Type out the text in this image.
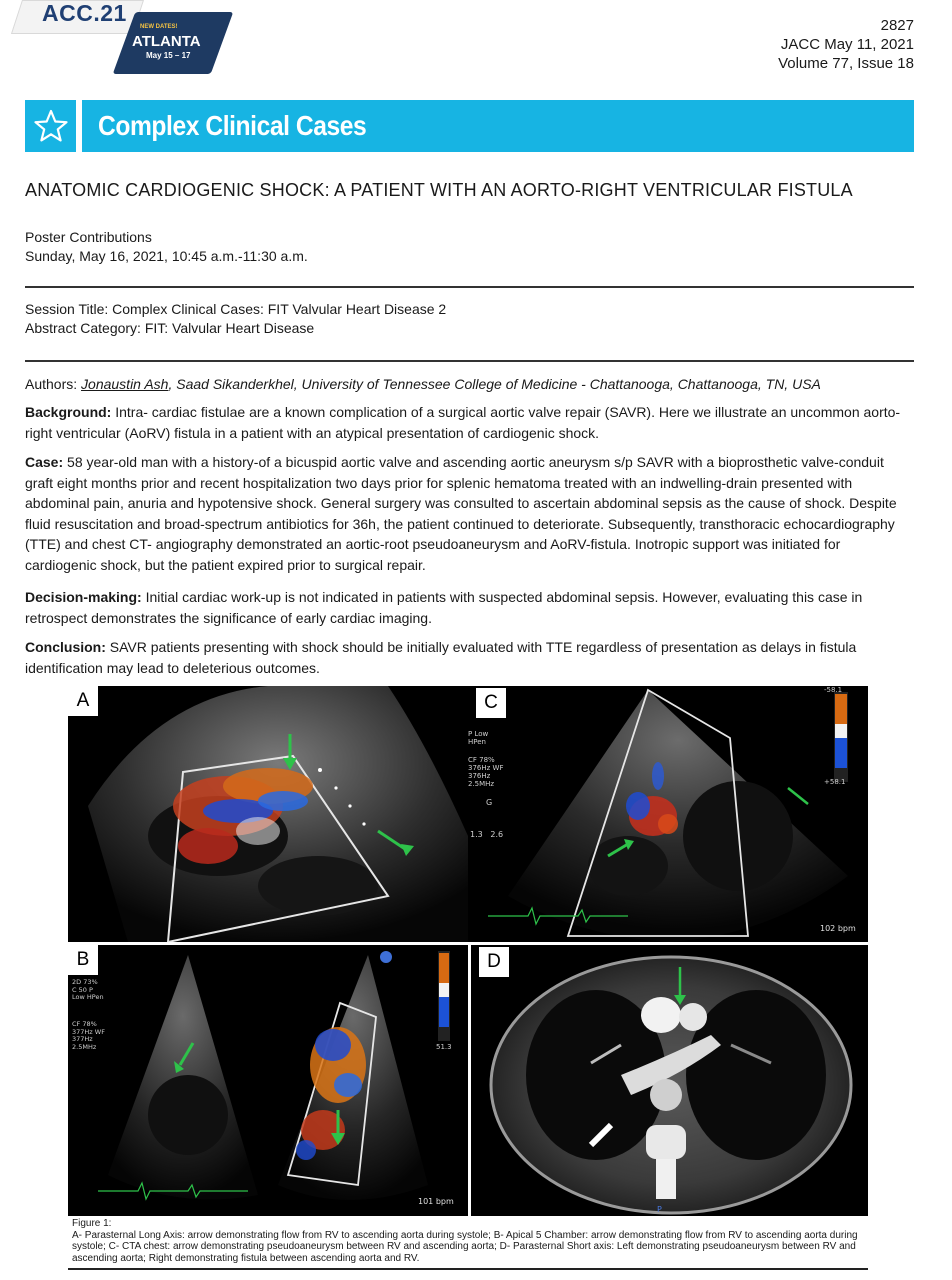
ACC.21
NEW DATES!
ATLANTA
May 15 – 17
2827
JACC May 11, 2021
Volume 77, Issue 18
Complex Clinical Cases
ANATOMIC CARDIOGENIC SHOCK: A PATIENT WITH AN AORTO-RIGHT VENTRICULAR FISTULA
Poster Contributions
Sunday, May 16, 2021, 10:45 a.m.-11:30 a.m.
Session Title: Complex Clinical Cases: FIT Valvular Heart Disease 2
Abstract Category: FIT: Valvular Heart Disease
Authors: Jonaustin Ash, Saad Sikanderkhel, University of Tennessee College of Medicine - Chattanooga, Chattanooga, TN, USA
Background: Intra- cardiac fistulae are a known complication of a surgical aortic valve repair (SAVR). Here we illustrate an uncommon aorto-right ventricular (AoRV) fistula in a patient with an atypical presentation of cardiogenic shock.
Case: 58 year-old man with a history-of a bicuspid aortic valve and ascending aortic aneurysm s/p SAVR with a bioprosthetic valve-conduit graft eight months prior and recent hospitalization two days prior for splenic hematoma treated with an indwelling-drain presented with abdominal pain, anuria and hypotensive shock. General surgery was consulted to ascertain abdominal sepsis as the cause of shock. Despite fluid resuscitation and broad-spectrum antibiotics for 36h, the patient continued to deteriorate. Subsequently, transthoracic echocardiography (TTE) and chest CT- angiography demonstrated an aortic-root pseudoaneurysm and AoRV-fistula. Inotropic support was initiated for cardiogenic shock, but the patient expired prior to surgical repair.
Decision-making: Initial cardiac work-up is not indicated in patients with suspected abdominal sepsis. However, evaluating this case in retrospect demonstrates the significance of early cardiac imaging.
Conclusion: SAVR patients presenting with shock should be initially evaluated with TTE regardless of presentation as delays in fistula identification may lead to deleterious outcomes.
A	C
P Low HPen
CF 78% 376Hz WF 376Hz 2.5MHz
G
1.3   2.6
-58.1
+58.1
102 bpm
B
2D 73% C 50 P Low HPen
CF 78% 377Hz WF 377Hz 2.5MHz	51.3
101 bpm
D
P
Figure 1:
A- Parasternal Long Axis: arrow demonstrating flow from RV to ascending aorta during systole; B- Apical 5 Chamber: arrow demonstrating flow from RV to ascending aorta during systole; C- CTA chest: arrow demonstrating pseudoaneurysm between RV and ascending aorta; D- Parasternal Short axis: Left demonstrating pseudoaneurysm between RV and ascending aorta; Right demonstrating fistula between ascending aorta and RV.
